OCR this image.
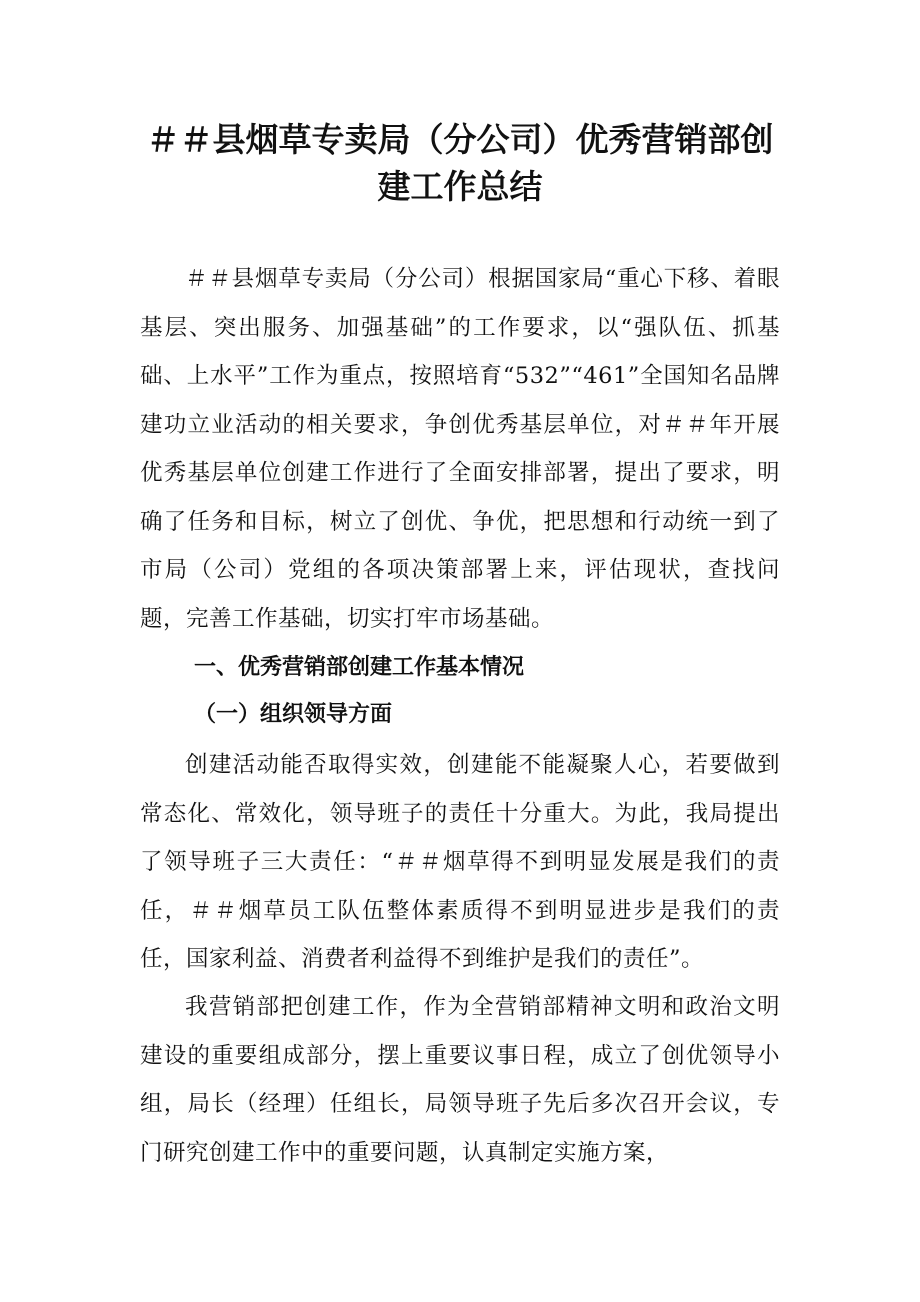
＃＃县烟草专卖局（分公司）优秀营销部创
建工作总结
＃＃县烟草专卖局（分公司）根据国家局“重心下移、着眼基层、突出服务、加强基础”的工作要求，以“强队伍、抓基础、上水平”工作为重点，按照培育“532”“461”全国知名品牌建功立业活动的相关要求，争创优秀基层单位，对＃＃年开展优秀基层单位创建工作进行了全面安排部署，提出了要求，明确了任务和目标，树立了创优、争优，把思想和行动统一到了市局（公司）党组的各项决策部署上来，评估现状，查找问题，完善工作基础，切实打牢市场基础。
一、优秀营销部创建工作基本情况
（一）组织领导方面
创建活动能否取得实效，创建能不能凝聚人心，若要做到常态化、常效化，领导班子的责任十分重大。为此，我局提出了领导班子三大责任：“＃＃烟草得不到明显发展是我们的责任，＃＃烟草员工队伍整体素质得不到明显进步是我们的责任，国家利益、消费者利益得不到维护是我们的责任”。
我营销部把创建工作，作为全营销部精神文明和政治文明建设的重要组成部分，摆上重要议事日程，成立了创优领导小组，局长（经理）任组长，局领导班子先后多次召开会议，专门研究创建工作中的重要问题，认真制定实施方案，
